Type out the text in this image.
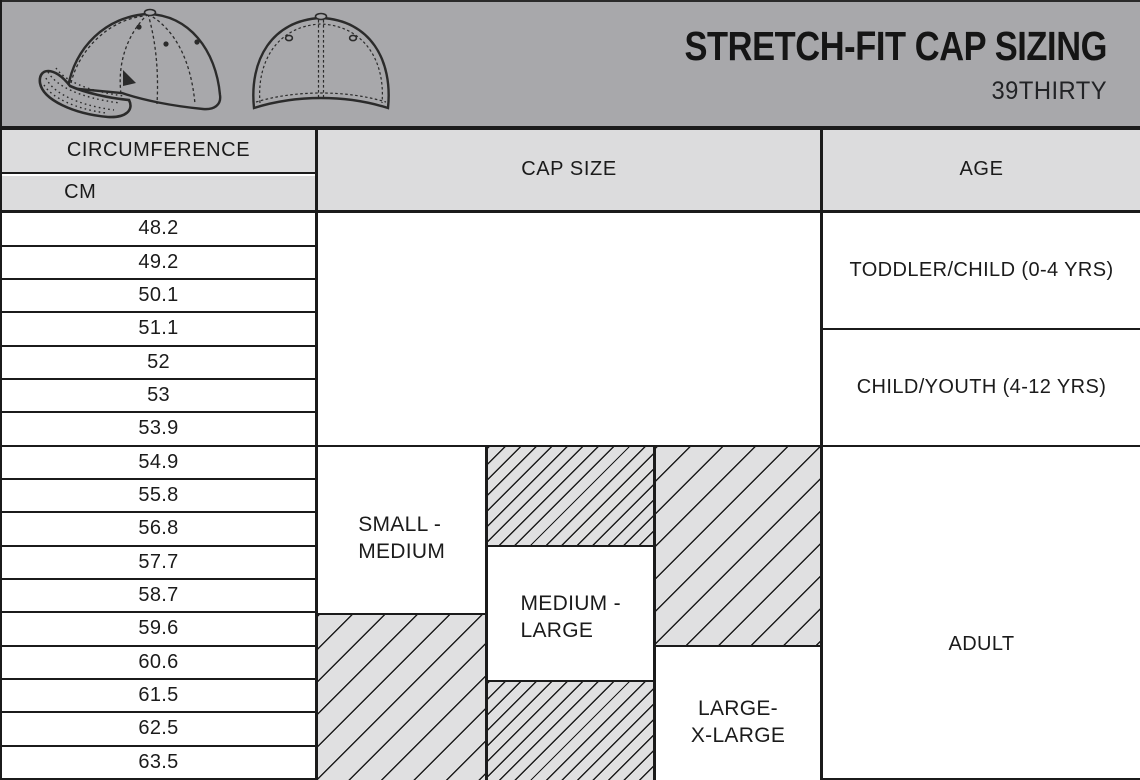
STRETCH-FIT CAP SIZING
39THIRTY
CIRCUMFERENCE
CM
CAP SIZE	AGE
48.2
49.2
50.1
51.1
52
53
53.9
54.9
55.8
56.8
57.7
58.7
59.6
60.6
61.5
62.5
63.5
SMALL -
MEDIUM
MEDIUM -
LARGE
LARGE-
X-LARGE
TODDLER/CHILD (0-4 YRS)
CHILD/YOUTH (4-12 YRS)
ADULT
